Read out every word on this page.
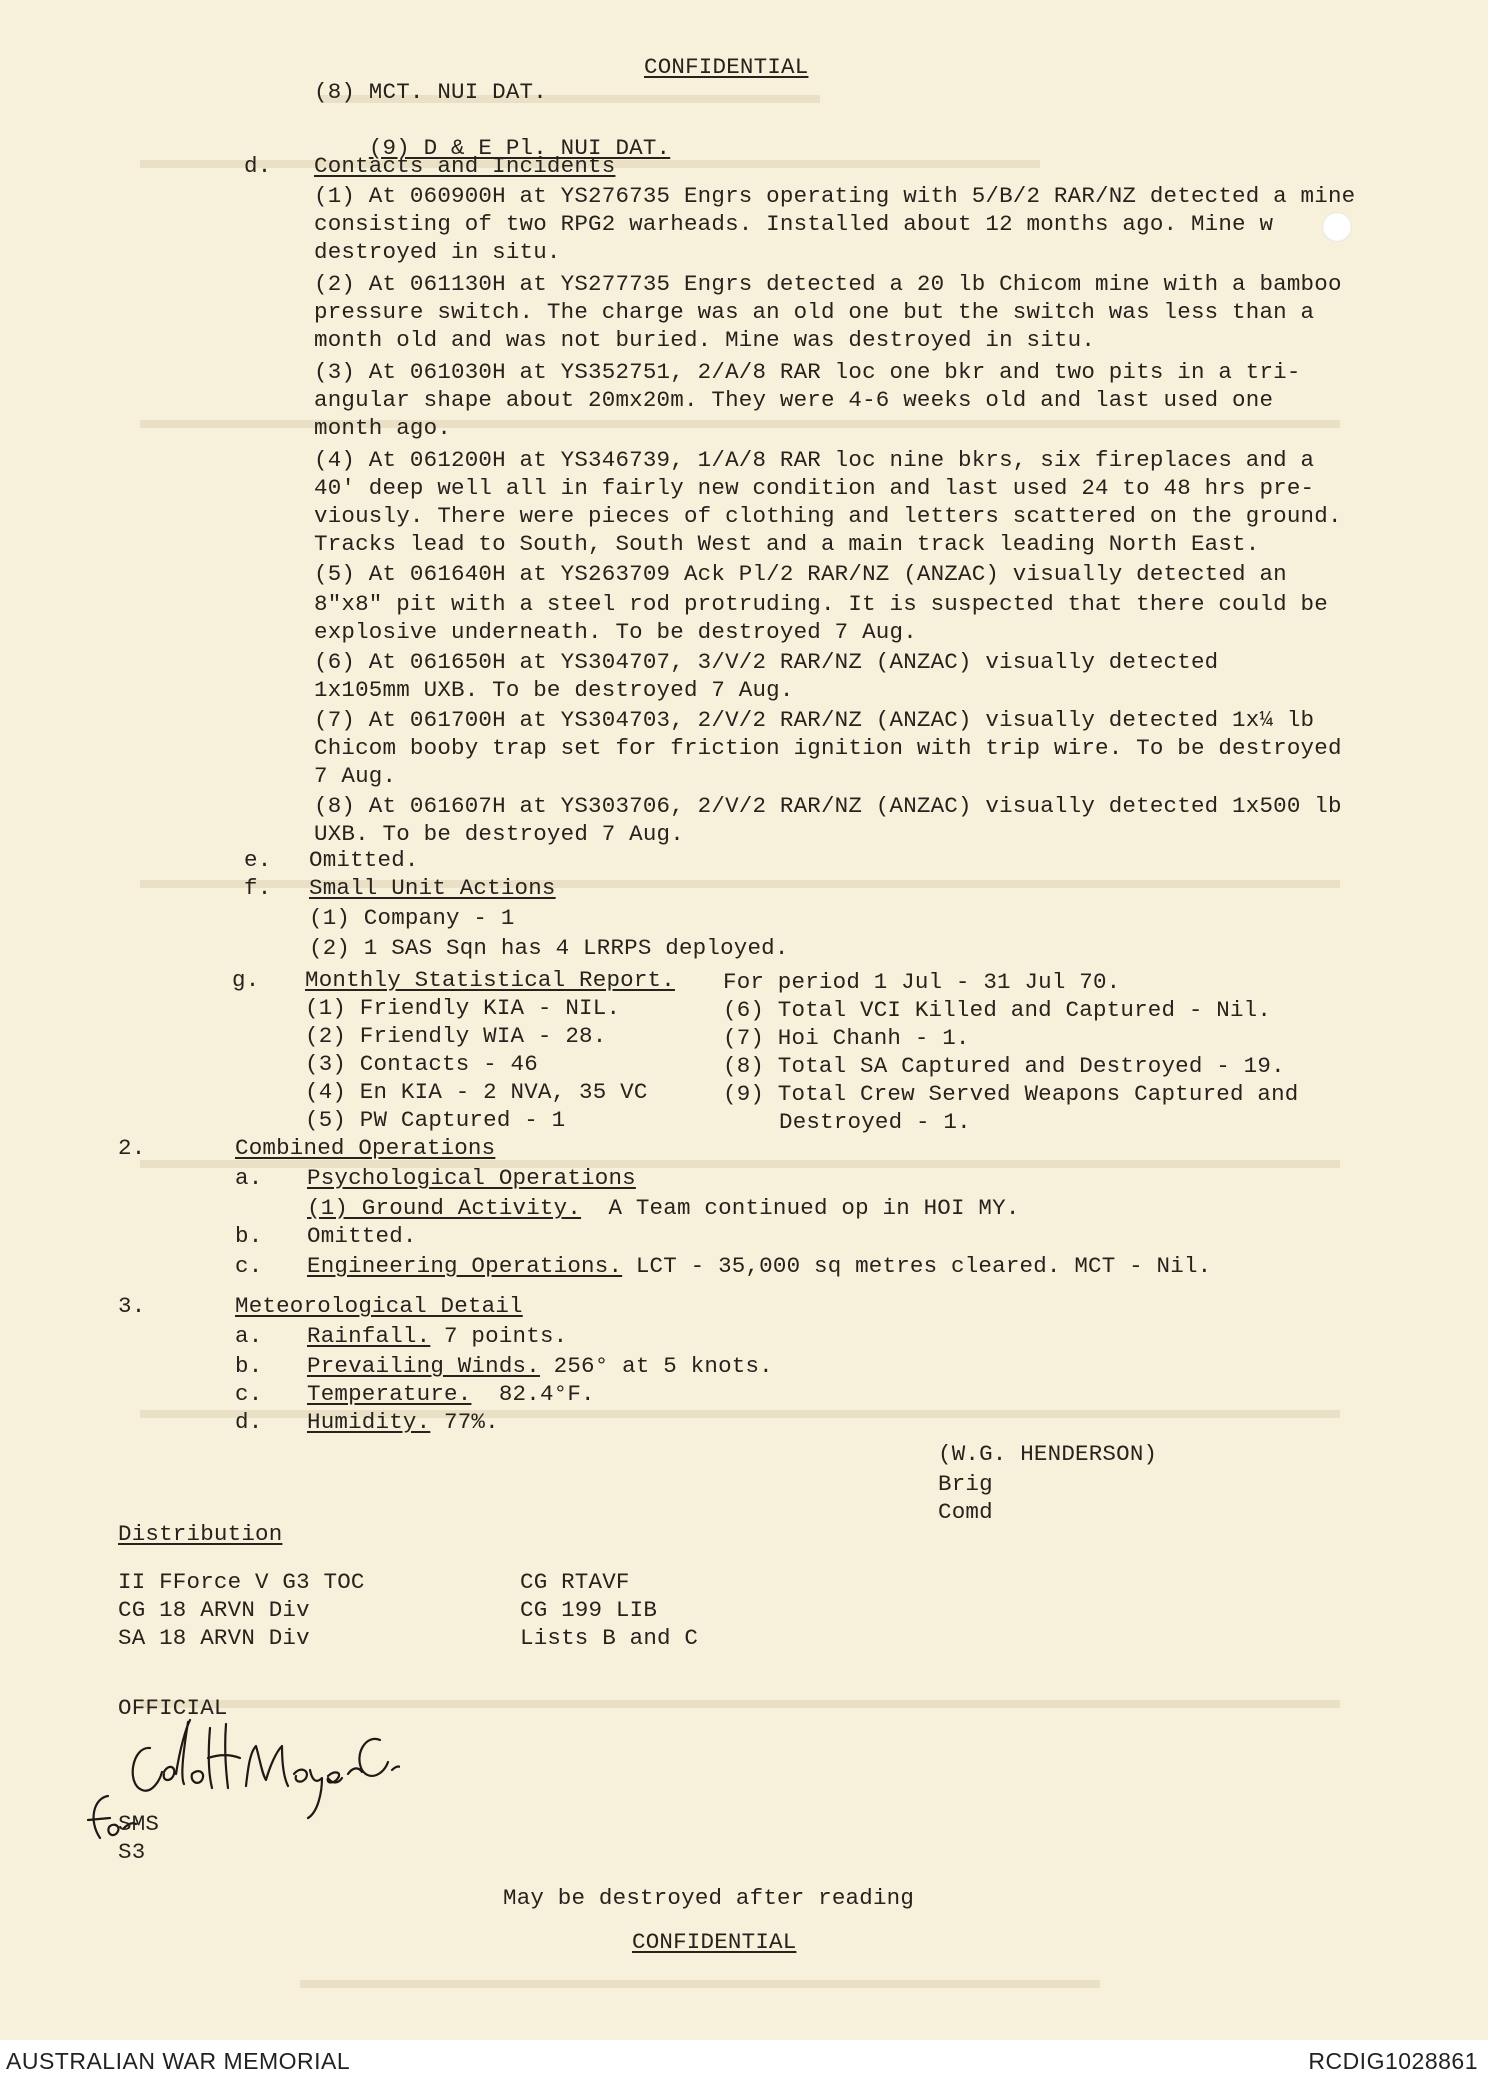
CONFIDENTIAL
(8) MCT. NUI DAT.

(9) D & E Pl. NUI DAT.

d. Contacts and Incidents
(1) At 060900H at YS276735 Engrs operating with 5/B/2 RAR/NZ detected a mine
consisting of two RPG2 warheads. Installed about 12 months ago. Mine w
destroyed in situ.
(2) At 061130H at YS277735 Engrs detected a 20 lb Chicom mine with a bamboo
pressure switch. The charge was an old one but the switch was less than a
month old and was not buried. Mine was destroyed in situ.
(3) At 061030H at YS352751, 2/A/8 RAR loc one bkr and two pits in a tri-
angular shape about 20mx20m. They were 4-6 weeks old and last used one
month ago.
(4) At 061200H at YS346739, 1/A/8 RAR loc nine bkrs, six fireplaces and a
40' deep well all in fairly new condition and last used 24 to 48 hrs pre-
viously. There were pieces of clothing and letters scattered on the ground.
Tracks lead to South, South West and a main track leading North East.
(5) At 061640H at YS263709 Ack Pl/2 RAR/NZ (ANZAC) visually detected an
8"x8" pit with a steel rod protruding. It is suspected that there could be
explosive underneath. To be destroyed 7 Aug.
(6) At 061650H at YS304707, 3/V/2 RAR/NZ (ANZAC) visually detected
1x105mm UXB. To be destroyed 7 Aug.
(7) At 061700H at YS304703, 2/V/2 RAR/NZ (ANZAC) visually detected 1x¼ lb
Chicom booby trap set for friction ignition with trip wire. To be destroyed
7 Aug.
(8) At 061607H at YS303706, 2/V/2 RAR/NZ (ANZAC) visually detected 1x500 lb
UXB. To be destroyed 7 Aug.
e. Omitted.
f. Small Unit Actions
(1) Company - 1
(2) 1 SAS Sqn has 4 LRRPS deployed.
g. Monthly Statistical Report. For period 1 Jul - 31 Jul 70.
(1) Friendly KIA - NIL.
(2) Friendly WIA - 28.
(3) Contacts - 46
(4) En KIA - 2 NVA, 35 VC
(5) PW Captured - 1
(6) Total VCI Killed and Captured - Nil.
(7) Hoi Chanh - 1.
(8) Total SA Captured and Destroyed - 19.
(9) Total Crew Served Weapons Captured and
Destroyed - 1.
2.	Combined Operations
a. Psychological Operations
(1) Ground Activity. A Team continued op in HOI MY.
b. Omitted.
c. Engineering Operations. LCT - 35,000 sq metres cleared. MCT - Nil.
3.	Meteorological Detail
a. Rainfall. 7 points.
b. Prevailing Winds. 256° at 5 knots.
c. Temperature. 82.4°F.
d. Humidity. 77%.
(W.G. HENDERSON)
Brig
Comd
Distribution
II FForce V G3 TOC
CG 18 ARVN Div
SA 18 ARVN Div
CG RTAVF
CG 199 LIB
Lists B and C
OFFICIAL
SMS
S3
May be destroyed after reading
CONFIDENTIAL
AUSTRALIAN WAR MEMORIAL	RCDIG1028861
